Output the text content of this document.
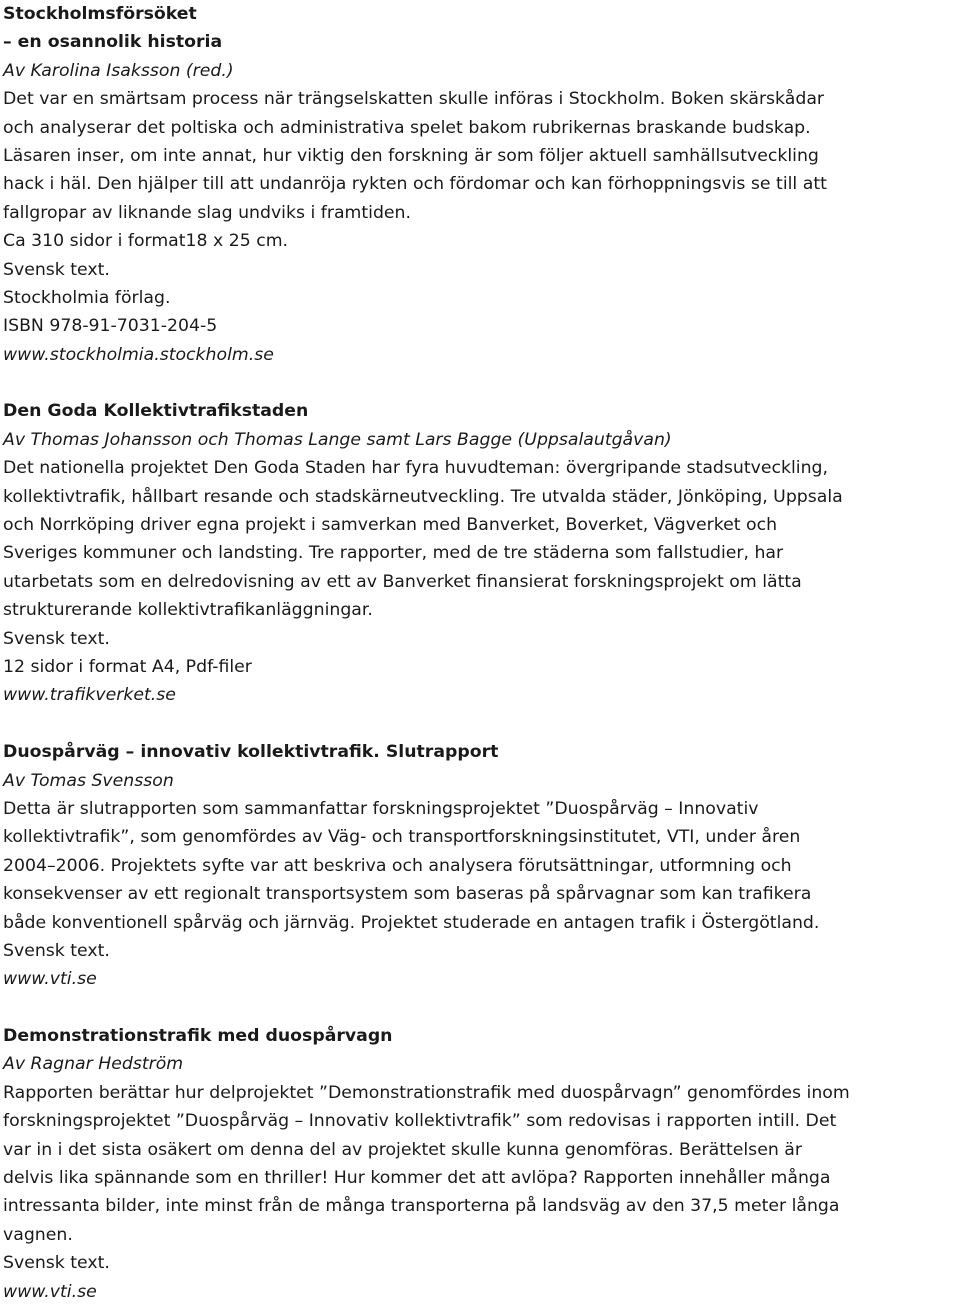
Stockholmsförsöket
– en osannolik historia
Av Karolina Isaksson (red.)
Det var en smärtsam process när trängselskatten skulle införas i Stockholm. Boken skärskådar
och analyserar det poltiska och administrativa spelet bakom rubrikernas braskande budskap.
Läsaren inser, om inte annat, hur viktig den forskning är som följer aktuell samhällsutveckling
hack i häl. Den hjälper till att undanröja rykten och fördomar och kan förhoppningsvis se till att
fallgropar av liknande slag undviks i framtiden.
Ca 310 sidor i format18 x 25 cm.
Svensk text.
Stockholmia förlag.
ISBN 978-91-7031-204-5
www.stockholmia.stockholm.se
Den Goda Kollektivtrafikstaden
Av Thomas Johansson och Thomas Lange samt Lars Bagge (Uppsalautgåvan)
Det nationella projektet Den Goda Staden har fyra huvudteman: övergripande stadsutveckling,
kollektivtrafik, hållbart resande och stadskärneutveckling. Tre utvalda städer, Jönköping, Uppsala
och Norrköping driver egna projekt i samverkan med Banverket, Boverket, Vägverket och
Sveriges kommuner och landsting. Tre rapporter, med de tre städerna som fallstudier, har
utarbetats som en delredovisning av ett av Banverket finansierat forskningsprojekt om lätta
strukturerande kollektivtrafikanläggningar.
Svensk text.
12 sidor i format A4, Pdf-filer
www.trafikverket.se
Duospårväg – innovativ kollektivtrafik. Slutrapport
Av Tomas Svensson
Detta är slutrapporten som sammanfattar forskningsprojektet ”Duospårväg – Innovativ
kollektivtrafik”, som genomfördes av Väg- och transportforskningsinstitutet, VTI, under åren
2004–2006. Projektets syfte var att beskriva och analysera förutsättningar, utformning och
konsekvenser av ett regionalt transportsystem som baseras på spårvagnar som kan trafikera
både konventionell spårväg och järnväg. Projektet studerade en antagen trafik i Östergötland.
Svensk text.
www.vti.se
Demonstrationstrafik med duospårvagn
Av Ragnar Hedström
Rapporten berättar hur delprojektet ”Demonstrationstrafik med duospårvagn” genomfördes inom
forskningsprojektet ”Duospårväg – Innovativ kollektivtrafik” som redovisas i rapporten intill. Det
var in i det sista osäkert om denna del av projektet skulle kunna genomföras. Berättelsen är
delvis lika spännande som en thriller! Hur kommer det att avlöpa? Rapporten innehåller många
intressanta bilder, inte minst från de många transporterna på landsväg av den 37,5 meter långa
vagnen.
Svensk text.
www.vti.se
